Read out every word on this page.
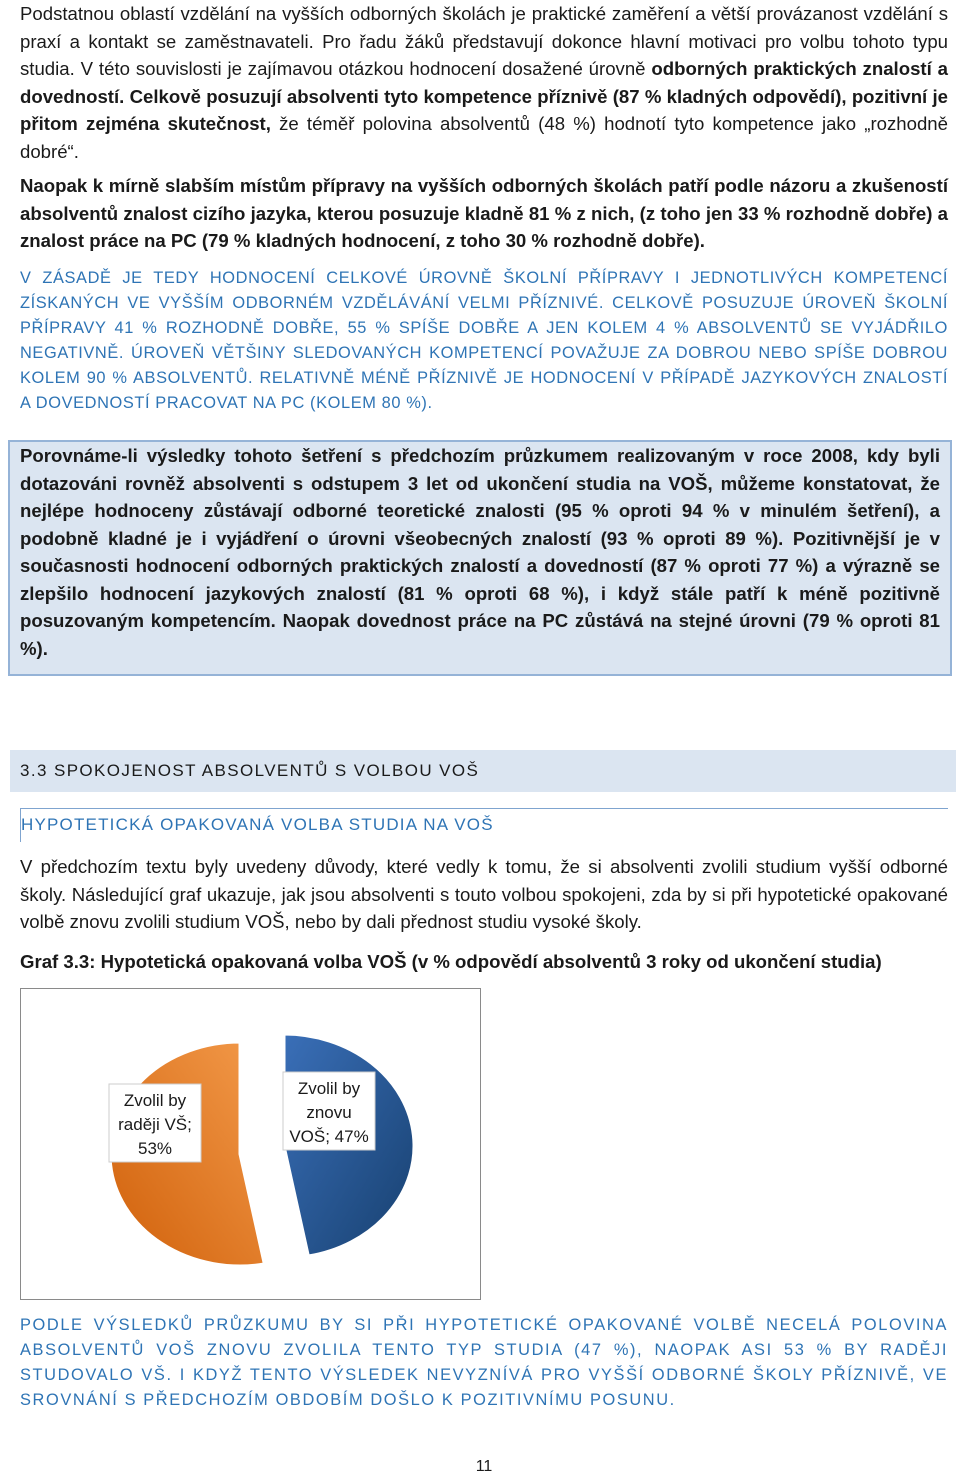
Podstatnou oblastí vzdělání na vyšších odborných školách je praktické zaměření a větší provázanost vzdělání s praxí a kontakt se zaměstnavateli. Pro řadu žáků představují dokonce hlavní motivaci pro volbu tohoto typu studia. V této souvislosti je zajímavou otázkou hodnocení dosažené úrovně odborných praktických znalostí a dovedností. Celkově posuzují absolventi tyto kompetence příznivě (87 % kladných odpovědí), pozitivní je přitom zejména skutečnost, že téměř polovina absolventů (48 %) hodnotí tyto kompetence jako „rozhodně dobré“.

Naopak k mírně slabším místům přípravy na vyšších odborných školách patří podle názoru a zkušeností absolventů znalost cizího jazyka, kterou posuzuje kladně 81 % z nich, (z toho jen 33 % rozhodně dobře) a znalost práce na PC (79 % kladných hodnocení, z toho 30 % rozhodně dobře).

V ZÁSADĚ JE TEDY HODNOCENÍ CELKOVÉ ÚROVNĚ ŠKOLNÍ PŘÍPRAVY I JEDNOTLIVÝCH KOMPETENCÍ ZÍSKANÝCH VE VYŠŠÍM ODBORNÉM VZDĚLÁVÁNÍ VELMI PŘÍZNIVÉ. CELKOVĚ POSUZUJE ÚROVEŇ ŠKOLNÍ PŘÍPRAVY 41 % ROZHODNĚ DOBŘE, 55 % SPÍŠE DOBŘE A JEN KOLEM 4 % ABSOLVENTŮ SE VYJÁDŘILO NEGATIVNĚ. ÚROVEŇ VĚTŠINY SLEDOVANÝCH KOMPETENCÍ POVAŽUJE ZA DOBROU NEBO SPÍŠE DOBROU KOLEM 90 % ABSOLVENTŮ. RELATIVNĚ MÉNĚ PŘÍZNIVĚ JE HODNOCENÍ V PŘÍPADĚ JAZYKOVÝCH ZNALOSTÍ A DOVEDNOSTÍ PRACOVAT NA PC (KOLEM 80 %).

HYPOTETICKÁ OPAKOVANÁ VOLBA STUDIA NA VOŠ

V předchozím textu byly uvedeny důvody, které vedly k tomu, že si absolventi zvolili studium vyšší odborné školy. Následující graf ukazuje, jak jsou absolventi s touto volbou spokojeni, zda by si při hypotetické opakované volbě znovu zvolili studium VOŠ, nebo by dali přednost studiu vysoké školy.

Graf 3.3: Hypotetická opakovaná volba VOŠ (v % odpovědí absolventů 3 roky od ukončení studia)

PODLE VÝSLEDKŮ PRŮZKUMU BY SI PŘI HYPOTETICKÉ OPAKOVANÉ VOLBĚ NECELÁ POLOVINA ABSOLVENTŮ VOŠ ZNOVU ZVOLILA TENTO TYP STUDIA (47 %), NAOPAK ASI 53 % BY RADĚJI STUDOVALO VŠ. I KDYŽ TENTO VÝSLEDEK NEVYZNÍVÁ PRO VYŠŠÍ ODBORNÉ ŠKOLY PŘÍZNIVĚ, VE SROVNÁNÍ S PŘEDCHOZÍM OBDOBÍM DOŠLO K POZITIVNÍMU POSUNU.

Porovnáme-li výsledky tohoto šetření s předchozím průzkumem realizovaným v roce 2008, kdy byli dotazováni rovněž absolventi s odstupem 3 let od ukončení studia na VOŠ, můžeme konstatovat, že nejlépe hodnoceny zůstávají odborné teoretické znalosti (95 % oproti 94 % v minulém šetření), a podobně kladné je i vyjádření o úrovni všeobecných znalostí (93 % oproti 89 %). Pozitivnější je v současnosti hodnocení odborných praktických znalostí a dovedností (87 % oproti 77 %) a výrazně se zlepšilo hodnocení jazykových znalostí (81 % oproti 68 %), i když stále patří k méně pozitivně posuzovaným kompetencím. Naopak dovednost práce na PC zůstává na stejné úrovni (79 % oproti 81 %).

3.3 SPOKOJENOST ABSOLVENTŮ S VOLBOU VOŠ
Zvolil by
raději VŠ;
53%
Zvolil by
znovu
VOŠ; 47%
11
